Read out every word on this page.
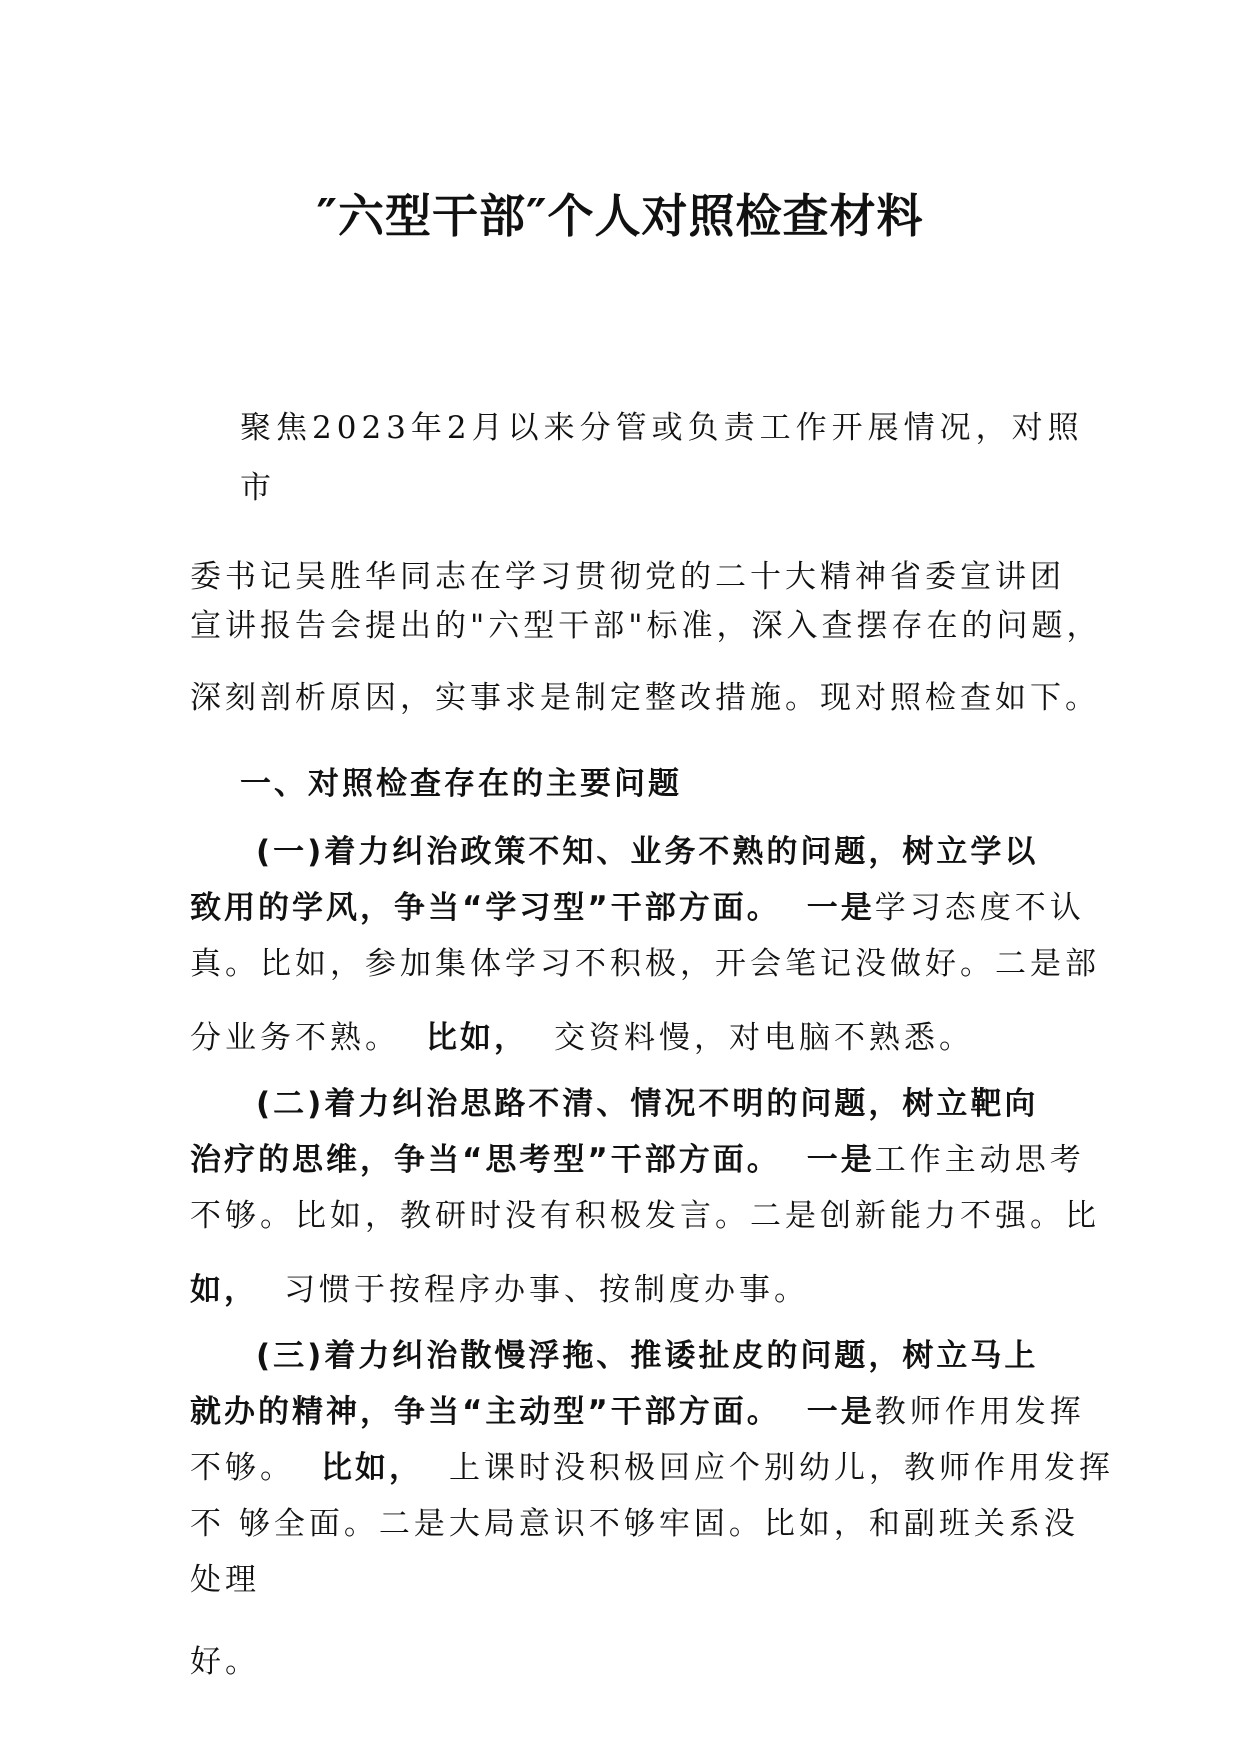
″六型干部″个人对照检查材料
聚焦2023年2月以来分管或负责工作开展情况，对照
市
委书记吴胜华同志在学习贯彻党的二十大精神省委宣讲团
宣讲报告会提出的"六型干部"标准，深入查摆存在的问题，
深刻剖析原因，实事求是制定整改措施。现对照检查如下。
一、对照检查存在的主要问题
(一)着力纠治政策不知、业务不熟的问题，树立学以
致用的学风，争当“学习型”干部方面。 一是学习态度不认
真。比如，参加集体学习不积极，开会笔记没做好。二是部
分业务不熟。 比如， 交资料慢，对电脑不熟悉。
(二)着力纠治思路不清、情况不明的问题，树立靶向
治疗的思维，争当“思考型”干部方面。 一是工作主动思考
不够。比如，教研时没有积极发言。二是创新能力不强。比
如， 习惯于按程序办事、按制度办事。
(三)着力纠治散慢浮拖、推诿扯皮的问题，树立马上
就办的精神，争当“主动型”干部方面。 一是教师作用发挥
不够。 比如， 上课时没积极回应个别幼儿，教师作用发挥
不 够全面。二是大局意识不够牢固。比如，和副班关系没
处理
好。
